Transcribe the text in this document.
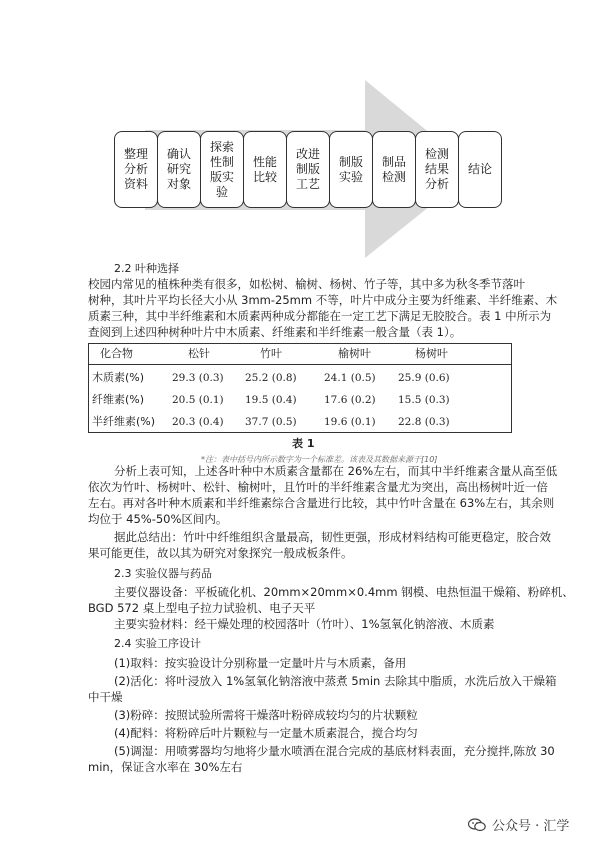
整理
分析
资料
确认
研究
对象
探索
性制
版实
验
性能
比较
改进
制版
工艺
制版
实验
制品
检测
检测
结果
分析
结论
2.2 叶种选择
校园内常见的植株种类有很多，如松树、榆树、杨树、竹子等，其中多为秋冬季节落叶
树种，其叶片平均长径大小从 3mm-25mm 不等，叶片中成分主要为纤维素、半纤维素、木
质素三种，其中半纤维素和木质素两种成分都能在一定工艺下满足无胶胶合。表 1 中所示为
查阅到上述四种树种叶片中木质素、纤维素和半纤维素一般含量（表 1）。
化合物	松针	竹叶	榆树叶	杨树叶
木质素(%)	29.3 (0.3) 25.2 (0.8)	24.1 (0.5) 25.9 (0.6)
纤维素(%)	20.5 (0.1) 19.5 (0.4)	17.6 (0.2) 15.5 (0.3)
半纤维素(%) 20.3 (0.4) 37.7 (0.5)	19.6 (0.1) 22.8 (0.3)
表 1
*注：表中括号内所示数字为一个标准差。该表及其数据来源于[10]
分析上表可知，上述各叶种中木质素含量都在 26%左右，而其中半纤维素含量从高至低
依次为竹叶、杨树叶、松针、榆树叶，且竹叶的半纤维素含量尤为突出，高出杨树叶近一倍
左右。再对各叶种木质素和半纤维素综合含量进行比较，其中竹叶含量在 63%左右，其余则
均位于 45%-50%区间内。
据此总结出：竹叶中纤维组织含量最高，韧性更强，形成材料结构可能更稳定，胶合效
果可能更佳，故以其为研究对象探究一般成板条件。
2.3 实验仪器与药品
主要仪器设备：平板硫化机、20mm×20mm×0.4mm 钢模、电热恒温干燥箱、粉碎机、
BGD 572 桌上型电子拉力试验机、电子天平
主要实验材料：经干燥处理的校园落叶（竹叶）、1%氢氧化钠溶液、木质素
2.4 实验工序设计
(1)取料：按实验设计分别称量一定量叶片与木质素，备用
(2)活化：将叶浸放入 1%氢氧化钠溶液中蒸煮 5min 去除其中脂质，水洗后放入干燥箱
中干燥
(3)粉碎：按照试验所需将干燥落叶粉碎成较均匀的片状颗粒
(4)配料：将粉碎后叶片颗粒与一定量木质素混合，搅合均匀
(5)调湿：用喷雾器均匀地将少量水喷洒在混合完成的基底材料表面，充分搅拌,陈放 30
min，保证含水率在 30%左右
公众号 · 汇学
